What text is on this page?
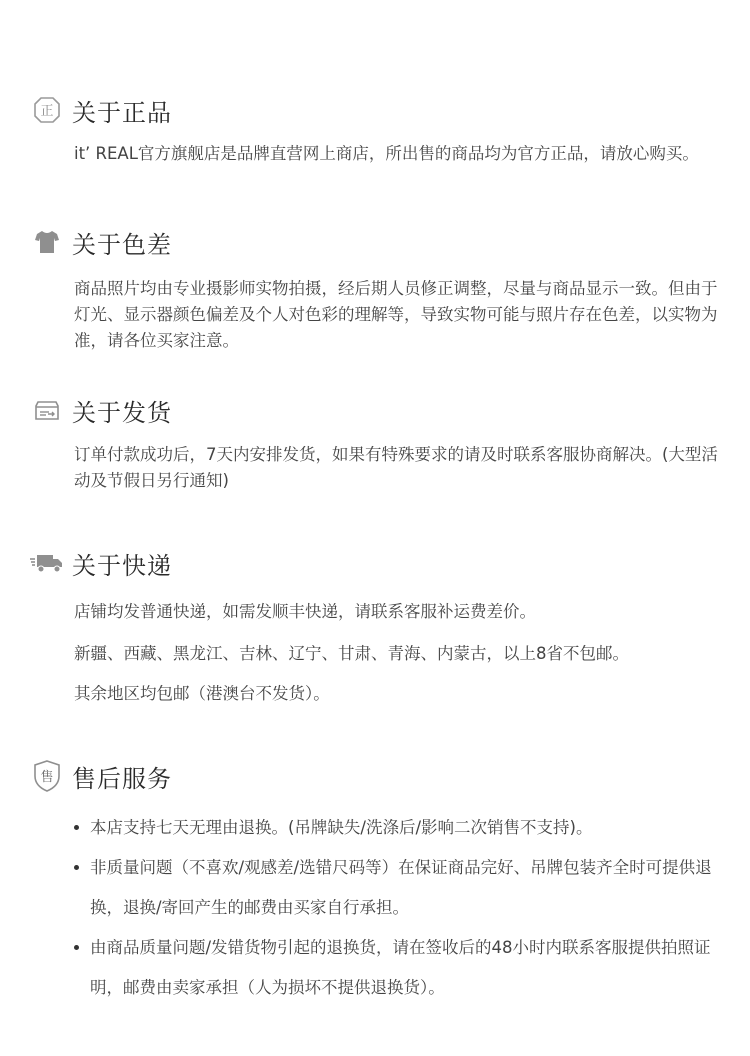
正 关于正品

it’ REAL官方旗舰店是品牌直营网上商店，所出售的商品均为官方正品，请放心购买。

关于色差

商品照片均由专业摄影师实物拍摄，经后期人员修正调整，尽量与商品显示一致。但由于灯光、显示器颜色偏差及个人对色彩的理解等，导致实物可能与照片存在色差，以实物为准，请各位买家注意。

关于发货

订单付款成功后，7天内安排发货，如果有特殊要求的请及时联系客服协商解决。(大型活动及节假日另行通知)

关于快递

店铺均发普通快递，如需发顺丰快递，请联系客服补运费差价。

新疆、西藏、黑龙江、吉林、辽宁、甘肃、青海、内蒙古，以上8省不包邮。

其余地区均包邮（港澳台不发货）。

售 售后服务
本店支持七天无理由退换。(吊牌缺失/洗涤后/影响二次销售不支持)。
非质量问题（不喜欢/观感差/选错尺码等）在保证商品完好、吊牌包装齐全时可提供退换，退换/寄回产生的邮费由买家自行承担。
由商品质量问题/发错货物引起的退换货，请在签收后的48小时内联系客服提供拍照证明，邮费由卖家承担（人为损坏不提供退换货）。
